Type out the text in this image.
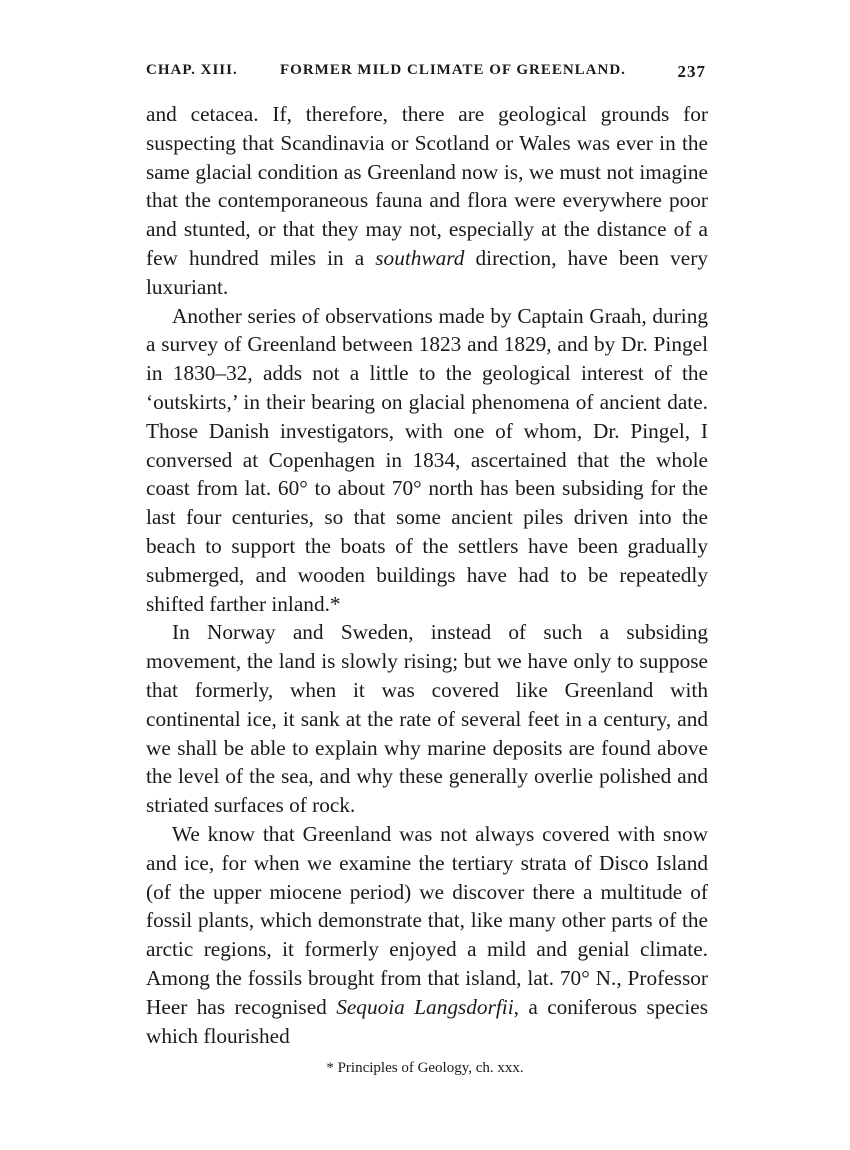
CHAP. XIII.	FORMER MILD CLIMATE OF GREENLAND.	237

and cetacea. If, therefore, there are geological grounds for suspecting that Scandinavia or Scotland or Wales was ever in the same glacial condition as Greenland now is, we must not imagine that the contemporaneous fauna and flora were everywhere poor and stunted, or that they may not, especially at the distance of a few hundred miles in a southward direction, have been very luxuriant.

Another series of observations made by Captain Graah, during a survey of Greenland between 1823 and 1829, and by Dr. Pingel in 1830–32, adds not a little to the geological interest of the ‘outskirts,’ in their bearing on glacial phenomena of ancient date. Those Danish investigators, with one of whom, Dr. Pingel, I conversed at Copenhagen in 1834, ascertained that the whole coast from lat. 60° to about 70° north has been subsiding for the last four centuries, so that some ancient piles driven into the beach to support the boats of the settlers have been gradually submerged, and wooden buildings have had to be repeatedly shifted farther inland.*

In Norway and Sweden, instead of such a subsiding movement, the land is slowly rising; but we have only to suppose that formerly, when it was covered like Greenland with continental ice, it sank at the rate of several feet in a century, and we shall be able to explain why marine deposits are found above the level of the sea, and why these generally overlie polished and striated surfaces of rock.

We know that Greenland was not always covered with snow and ice, for when we examine the tertiary strata of Disco Island (of the upper miocene period) we discover there a multitude of fossil plants, which demonstrate that, like many other parts of the arctic regions, it formerly enjoyed a mild and genial climate. Among the fossils brought from that island, lat. 70° N., Professor Heer has recognised Sequoia Langsdorfii, a coniferous species which flourished

* Principles of Geology, ch. xxx.
